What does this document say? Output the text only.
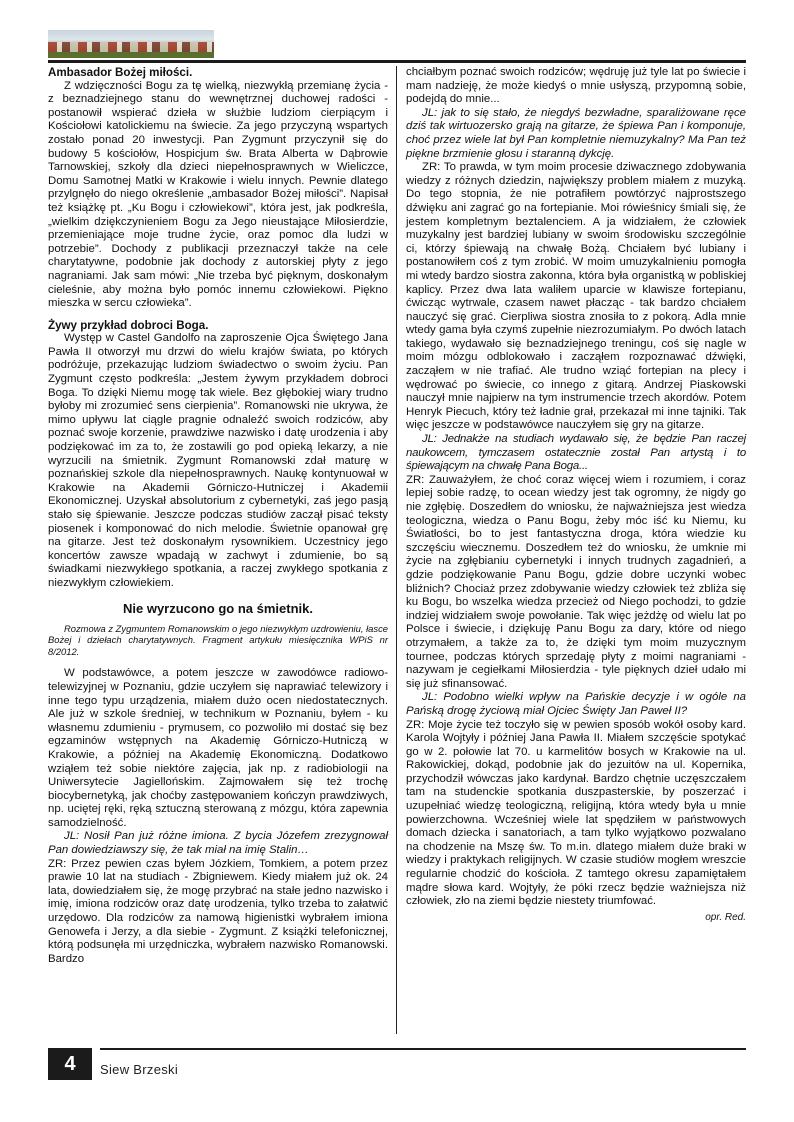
Ambasador Bożej miłości.

Z wdzięczności Bogu za tę wielką, niezwykłą przemianę życia - z beznadziejnego stanu do wewnętrznej duchowej radości - postanowił wspierać dzieła w służbie ludziom cierpiącym i Kościołowi katolickiemu na świecie. Za jego przyczyną wspartych zostało ponad 20 inwestycji. Pan Zygmunt przyczynił się do budowy 5 kościołów, Hospicjum św. Brata Alberta w Dąbrowie Tarnowskiej, szkoły dla dzieci niepełnosprawnych w Wieliczce, Domu Samotnej Matki w Krakowie i wielu innych. Pewnie dlatego przylgnęło do niego określenie „ambasador Bożej miłości”. Napisał też książkę pt. „Ku Bogu i człowiekowi”, która jest, jak podkreśla, „wielkim dziękczynieniem Bogu za Jego nieustające Miłosierdzie, przemieniające moje trudne życie, oraz pomoc dla ludzi w potrzebie”. Dochody z publikacji przeznaczył także na cele charytatywne, podobnie jak dochody z autorskiej płyty z jego nagraniami. Jak sam mówi: „Nie trzeba być pięknym, doskonałym cieleśnie, aby można było pomóc innemu człowiekowi. Piękno mieszka w sercu człowieka”.

Żywy przykład dobroci Boga.

Występ w Castel Gandolfo na zaproszenie Ojca Świętego Jana Pawła II otworzył mu drzwi do wielu krajów świata, po których podróżuje, przekazując ludziom świadectwo o swoim życiu. Pan Zygmunt często podkreśla: „Jestem żywym przykładem dobroci Boga. To dzięki Niemu mogę tak wiele. Bez głębokiej wiary trudno byłoby mi zrozumieć sens cierpienia”. Romanowski nie ukrywa, że mimo upływu lat ciągle pragnie odnaleźć swoich rodziców, aby poznać swoje korzenie, prawdziwe nazwisko i datę urodzenia i aby podziękować im za to, że zostawili go pod opieką lekarzy, a nie wyrzucili na śmietnik. Zygmunt Romanowski zdał maturę w poznańskiej szkole dla niepełnosprawnych. Naukę kontynuował w Krakowie na Akademii Górniczo-Hutniczej i Akademii Ekonomicznej. Uzyskał absolutorium z cybernetyki, zaś jego pasją stało się śpiewanie. Jeszcze podczas studiów zaczął pisać teksty piosenek i komponować do nich melodie. Świetnie opanował grę na gitarze. Jest też doskonałym rysownikiem. Uczestnicy jego koncertów zawsze wpadają w zachwyt i zdumienie, bo są świadkami niezwykłego spotkania, a raczej zwykłego spotkania z niezwykłym człowiekiem.

Nie wyrzucono go na śmietnik.

Rozmowa z Zygmuntem Romanowskim o jego niezwykłym uzdrowieniu, łasce Bożej i dziełach charytatywnych. Fragment artykułu miesięcznika WPiS nr 8/2012.

W podstawówce, a potem jeszcze w zawodówce radiowo-telewizyjnej w Poznaniu, gdzie uczyłem się naprawiać telewizory i inne tego typu urządzenia, miałem dużo ocen niedostatecznych. Ale już w szkole średniej, w technikum w Poznaniu, byłem - ku własnemu zdumieniu - prymusem, co pozwoliło mi dostać się bez egzaminów wstępnych na Akademię Górniczo-Hutniczą w Krakowie, a później na Akademię Ekonomiczną. Dodatkowo wziąłem też sobie niektóre zajęcia, jak np. z radiobiologii na Uniwersytecie Jagiellońskim. Zajmowałem się też trochę biocybernetyką, jak choćby zastępowaniem kończyn prawdziwych, np. uciętej ręki, ręką sztuczną sterowaną z mózgu, która zapewnia samodzielność.

JL: Nosił Pan już różne imiona. Z bycia Józefem zrezygnował Pan dowiedziawszy się, że tak miał na imię Stalin…

ZR: Przez pewien czas byłem Józkiem, Tomkiem, a potem przez prawie 10 lat na studiach - Zbigniewem. Kiedy miałem już ok. 24 lata, dowiedziałem się, że mogę przybrać na stałe jedno nazwisko i imię, imiona rodziców oraz datę urodzenia, tylko trzeba to załatwić urzędowo. Dla rodziców za namową higienistki wybrałem imiona Genowefa i Jerzy, a dla siebie - Zygmunt. Z książki telefonicznej, którą podsunęła mi urzędniczka, wybrałem nazwisko Romanowski. Bardzo

chciałbym poznać swoich rodziców; wędruję już tyle lat po świecie i mam nadzieję, że może kiedyś o mnie usłyszą, przypomną sobie, podejdą do mnie...

JL: jak to się stało, że niegdyś bezwładne, sparaliżowane ręce dziś tak wirtuozersko grają na gitarze, że śpiewa Pan i komponuje, choć przez wiele lat był Pan kompletnie niemuzykalny? Ma Pan też piękne brzmienie głosu i staranną dykcję.

ZR: To prawda, w tym moim procesie dziwacznego zdobywania wiedzy z różnych dziedzin, największy problem miałem z muzyką. Do tego stopnia, że nie potrafiłem powtórzyć najprostszego dźwięku ani zagrać go na fortepianie. Moi rówieśnicy śmiali się, że jestem kompletnym beztalenciem. A ja widziałem, że człowiek muzykalny jest bardziej lubiany w swoim środowisku szczególnie ci, którzy śpiewają na chwałę Bożą. Chciałem być lubiany i postanowiłem coś z tym zrobić. W moim umuzykalnieniu pomogła mi wtedy bardzo siostra zakonna, która była organistką w pobliskiej kaplicy. Przez dwa lata waliłem uparcie w klawisze fortepianu, ćwicząc wytrwale, czasem nawet płacząc - tak bardzo chciałem nauczyć się grać. Cierpliwa siostra znosiła to z pokorą. Adla mnie wtedy gama była czymś zupełnie niezrozumiałym. Po dwóch latach takiego, wydawało się beznadziejnego treningu, coś się nagle w moim mózgu odblokowało i zacząłem rozpoznawać dźwięki, zacząłem w nie trafiać. Ale trudno wziąć fortepian na plecy i wędrować po świecie, co innego z gitarą. Andrzej Piaskowski nauczył mnie najpierw na tym instrumencie trzech akordów. Potem Henryk Piecuch, który też ładnie grał, przekazał mi inne tajniki. Tak więc jeszcze w podstawówce nauczyłem się gry na gitarze.

JL: Jednakże na studiach wydawało się, że będzie Pan raczej naukowcem, tymczasem ostatecznie został Pan artystą i to śpiewającym na chwałę Pana Boga...

ZR: Zauważyłem, że choć coraz więcej wiem i rozumiem, i coraz lepiej sobie radzę, to ocean wiedzy jest tak ogromny, że nigdy go nie zgłębię. Doszedłem do wniosku, że najważniejsza jest wiedza teologiczna, wiedza o Panu Bogu, żeby móc iść ku Niemu, ku Światłości, bo to jest fantastyczna droga, która wiedzie ku szczęściu wiecznemu. Doszedłem też do wniosku, że umknie mi życie na zgłębianiu cybernetyki i innych trudnych zagadnień, a gdzie podziękowanie Panu Bogu, gdzie dobre uczynki wobec bliźnich? Chociaż przez zdobywanie wiedzy człowiek też zbliża się ku Bogu, bo wszelka wiedza przecież od Niego pochodzi, to gdzie indziej widziałem swoje powołanie. Tak więc jeżdżę od wielu lat po Polsce i świecie, i dziękuję Panu Bogu za dary, które od niego otrzymałem, a także za to, że dzięki tym moim muzycznym tournee, podczas których sprzedaję płyty z moimi nagraniami - nazywam je cegiełkami Miłosierdzia - tyle pięknych dzieł udało mi się już sfinansować.

JL: Podobno wielki wpływ na Pańskie decyzje i w ogóle na Pańską drogę życiową miał Ojciec Święty Jan Paweł II?

ZR: Moje życie też toczyło się w pewien sposób wokół osoby kard. Karola Wojtyły i później Jana Pawła II. Miałem szczęście spotykać go w 2. połowie lat 70. u karmelitów bosych w Krakowie na ul. Rakowickiej, dokąd, podobnie jak do jezuitów na ul. Kopernika, przychodził wówczas jako kardynał. Bardzo chętnie uczęszczałem tam na studenckie spotkania duszpasterskie, by poszerzać i uzupełniać wiedzę teologiczną, religijną, która wtedy była u mnie powierzchowna. Wcześniej wiele lat spędziłem w państwowych domach dziecka i sanatoriach, a tam tylko wyjątkowo pozwalano na chodzenie na Mszę św. To m.in. dlatego miałem duże braki w wiedzy i praktykach religijnych. W czasie studiów mogłem wreszcie regularnie chodzić do kościoła. Z tamtego okresu zapamiętałem mądre słowa kard. Wojtyły, że póki rzecz będzie ważniejsza niż człowiek, zło na ziemi będzie niestety triumfować.

opr. Red.
4	Siew Brzeski
